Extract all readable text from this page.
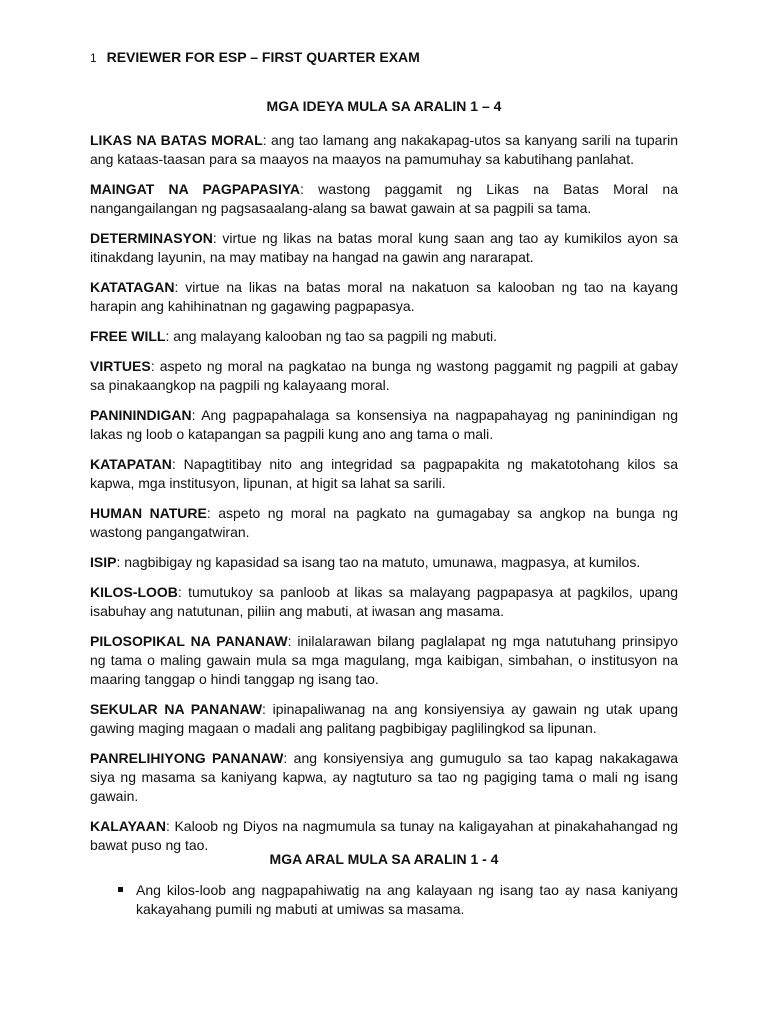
1 REVIEWER FOR ESP – FIRST QUARTER EXAM
MGA IDEYA MULA SA ARALIN 1 – 4

LIKAS NA BATAS MORAL: ang tao lamang ang nakakapag-utos sa kanyang sarili na tuparin ang kataas-taasan para sa maayos na maayos na pamumuhay sa kabutihang panlahat.

MAINGAT NA PAGPAPASIYA: wastong paggamit ng Likas na Batas Moral na nangangailangan ng pagsasaalang-alang sa bawat gawain at sa pagpili sa tama.

DETERMINASYON: virtue ng likas na batas moral kung saan ang tao ay kumikilos ayon sa itinakdang layunin, na may matibay na hangad na gawin ang nararapat.

KATATAGAN: virtue na likas na batas moral na nakatuon sa kalooban ng tao na kayang harapin ang kahihinatnan ng gagawing pagpapasya.

FREE WILL: ang malayang kalooban ng tao sa pagpili ng mabuti.

VIRTUES: aspeto ng moral na pagkatao na bunga ng wastong paggamit ng pagpili at gabay sa pinakaangkop na pagpili ng kalayaang moral.

PANININDIGAN: Ang pagpapahalaga sa konsensiya na nagpapahayag ng paninindigan ng lakas ng loob o katapangan sa pagpili kung ano ang tama o mali.

KATAPATAN: Napagtitibay nito ang integridad sa pagpapakita ng makatotohang kilos sa kapwa, mga institusyon, lipunan, at higit sa lahat sa sarili.

HUMAN NATURE: aspeto ng moral na pagkato na gumagabay sa angkop na bunga ng wastong pangangatwiran.

ISIP: nagbibigay ng kapasidad sa isang tao na matuto, umunawa, magpasya, at kumilos.

KILOS-LOOB: tumutukoy sa panloob at likas sa malayang pagpapasya at pagkilos, upang isabuhay ang natutunan, piliin ang mabuti, at iwasan ang masama.

PILOSOPIKAL NA PANANAW: inilalarawan bilang paglalapat ng mga natutuhang prinsipyo ng tama o maling gawain mula sa mga magulang, mga kaibigan, simbahan, o institusyon na maaring tanggap o hindi tanggap ng isang tao.

SEKULAR NA PANANAW: ipinapaliwanag na ang konsiyensiya ay gawain ng utak upang gawing maging magaan o madali ang palitang pagbibigay paglilingkod sa lipunan.

PANRELIHIYONG PANANAW: ang konsiyensiya ang gumugulo sa tao kapag nakakagawa siya ng masama sa kaniyang kapwa, ay nagtuturo sa tao ng pagiging tama o mali ng isang gawain.

KALAYAAN: Kaloob ng Diyos na nagmumula sa tunay na kaligayahan at pinakahahangad ng bawat puso ng tao.

MGA ARAL MULA SA ARALIN 1 - 4
Ang kilos-loob ang nagpapahiwatig na ang kalayaan ng isang tao ay nasa kaniyang kakayahang pumili ng mabuti at umiwas sa masama.
